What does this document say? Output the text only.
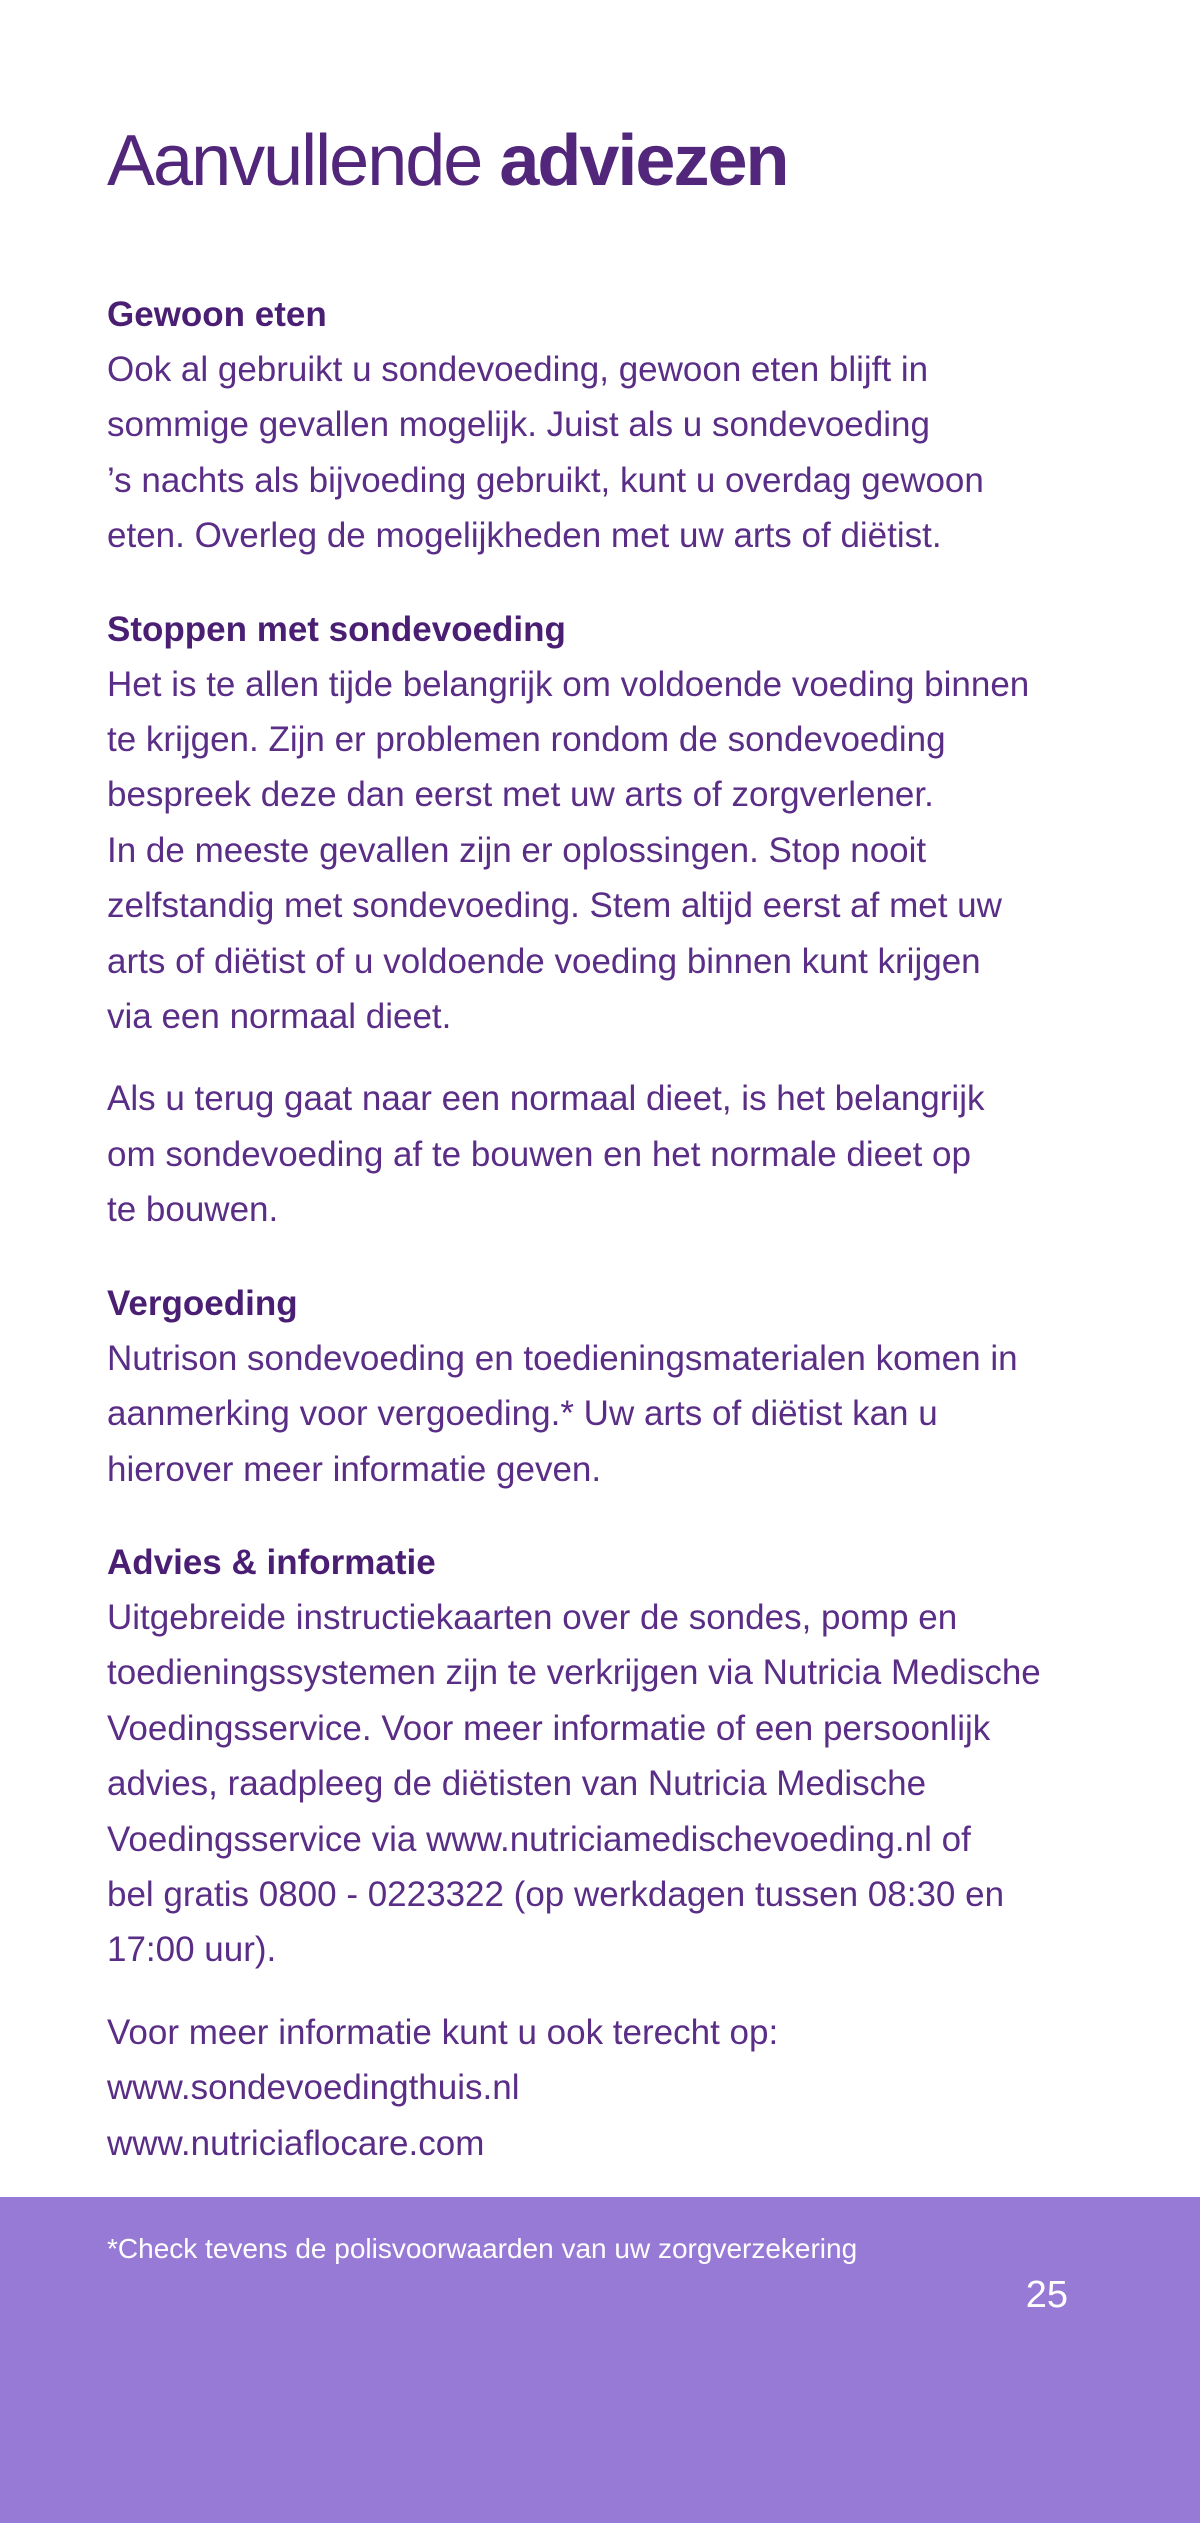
Aanvullende adviezen
Gewoon eten

Ook al gebruikt u sondevoeding, gewoon eten blijft in
sommige gevallen mogelijk. Juist als u sondevoeding
’s nachts als bijvoeding gebruikt, kunt u overdag gewoon
eten. Overleg de mogelijkheden met uw arts of diëtist.

Stoppen met sondevoeding

Het is te allen tijde belangrijk om voldoende voeding binnen
te krijgen. Zijn er problemen rondom de sondevoeding
bespreek deze dan eerst met uw arts of zorgverlener.
In de meeste gevallen zijn er oplossingen. Stop nooit
zelfstandig met sondevoeding. Stem altijd eerst af met uw
arts of diëtist of u voldoende voeding binnen kunt krijgen
via een normaal dieet.

Als u terug gaat naar een normaal dieet, is het belangrijk
om sondevoeding af te bouwen en het normale dieet op
te bouwen.

Vergoeding

Nutrison sondevoeding en toedieningsmaterialen komen in
aanmerking voor vergoeding.* Uw arts of diëtist kan u
hierover meer informatie geven.

Advies & informatie

Uitgebreide instructiekaarten over de sondes, pomp en
toedieningssystemen zijn te verkrijgen via Nutricia Medische
Voedingsservice. Voor meer informatie of een persoonlijk
advies, raadpleeg de diëtisten van Nutricia Medische
Voedingsservice via www.nutriciamedischevoeding.nl of
bel gratis 0800 - 0223322 (op werkdagen tussen 08:30 en
17:00 uur).

Voor meer informatie kunt u ook terecht op:
www.sondevoedingthuis.nl
www.nutriciaflocare.com

*Check tevens de polisvoorwaarden van uw zorgverzekering

25
